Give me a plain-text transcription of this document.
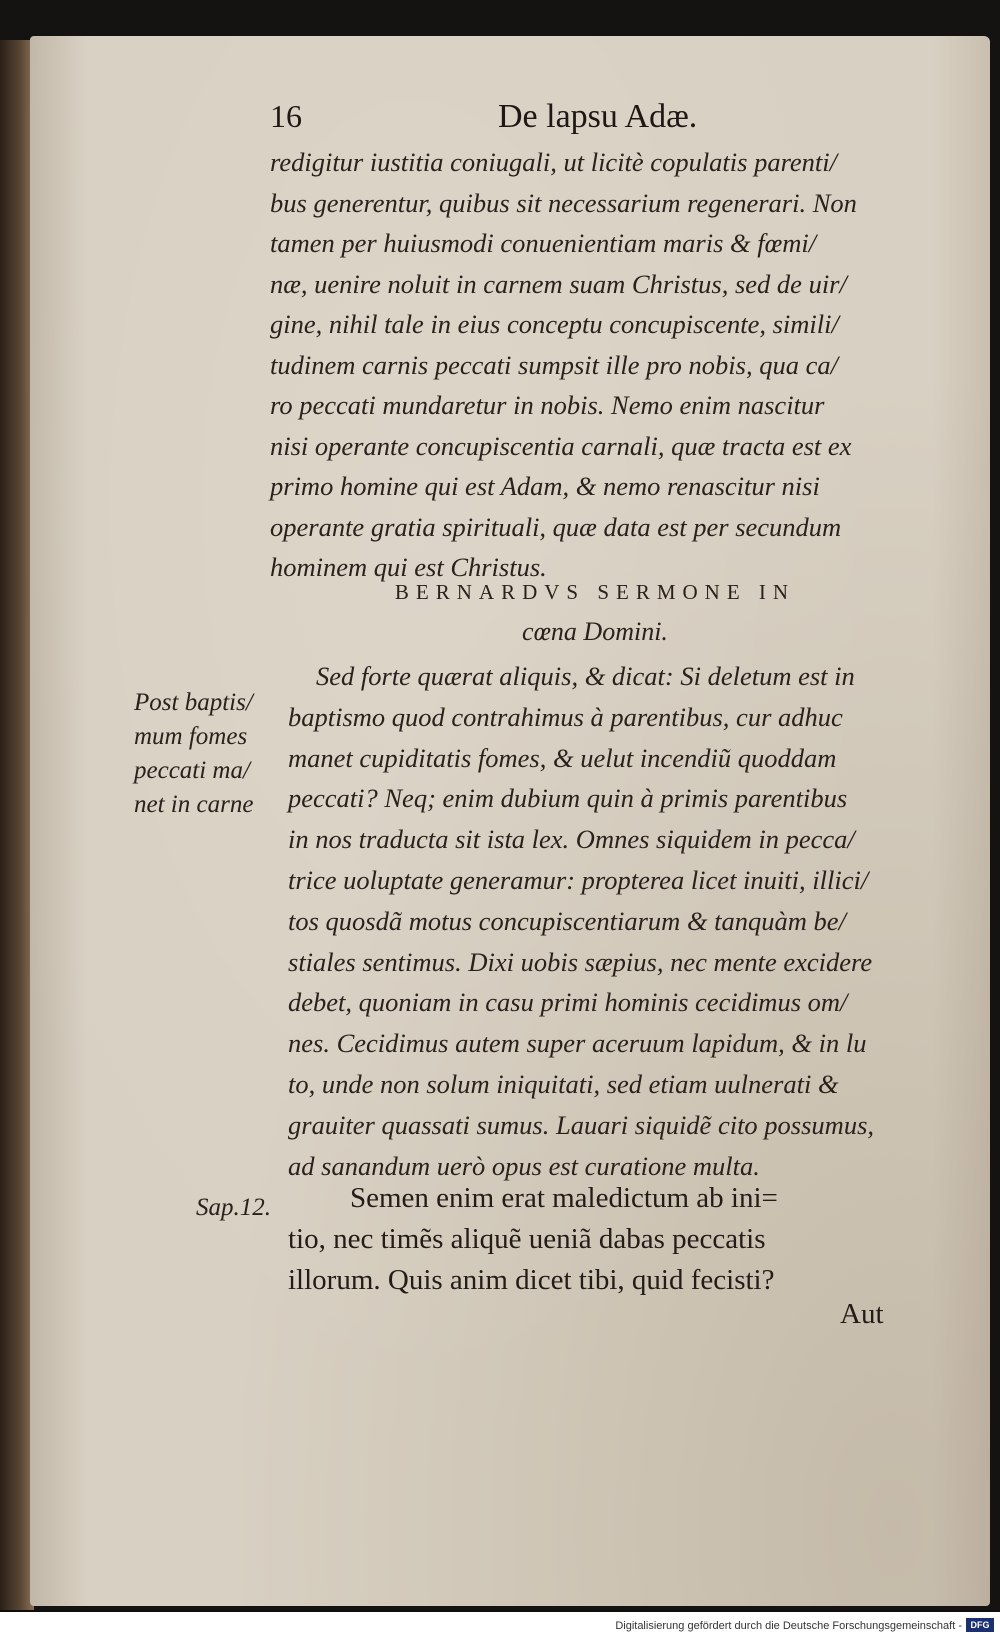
16	De lapsu Adæ.
redigitur iustitia coniugali, ut licitè copulatis parenti/
bus generentur, quibus sit necessarium regenerari. Non
tamen per huiusmodi conuenientiam maris & fœmi/
næ, uenire noluit in carnem suam Christus, sed de uir/
gine, nihil tale in eius conceptu concupiscente, simili/
tudinem carnis peccati sumpsit ille pro nobis, qua ca/
ro peccati mundaretur in nobis. Nemo enim nascitur
nisi operante concupiscentia carnali, quæ tracta est ex
primo homine qui est Adam, & nemo renascitur nisi
operante gratia spirituali, quæ data est per secundum
hominem qui est Christus.
BERNARDVS SERMONE IN
cœna Domini.
Sed forte quærat aliquis, & dicat: Si deletum est in
baptismo quod contrahimus à parentibus, cur adhuc
manet cupiditatis fomes, & uelut incendiũ quoddam
peccati? Neq; enim dubium quin à primis parentibus
in nos traducta sit ista lex. Omnes siquidem in pecca/
trice uoluptate generamur: propterea licet inuiti, illici/
tos quosdã motus concupiscentiarum & tanquàm be/
stiales sentimus. Dixi uobis sæpius, nec mente excidere
debet, quoniam in casu primi hominis cecidimus om/
nes. Cecidimus autem super aceruum lapidum, & in lu
to, unde non solum iniquitati, sed etiam uulnerati &
grauiter quassati sumus. Lauari siquidẽ cito possumus,
ad sanandum uerò opus est curatione multa.
Post baptis/
mum fomes
peccati ma/
net in carne
Sap.12.	Semen enim erat maledictum ab ini=
tio, nec timẽs aliquẽ ueniã dabas peccatis
illorum. Quis anim dicet tibi, quid fecisti?
Aut
Digitalisierung gefördert durch die Deutsche Forschungsgemeinschaft - DFG
